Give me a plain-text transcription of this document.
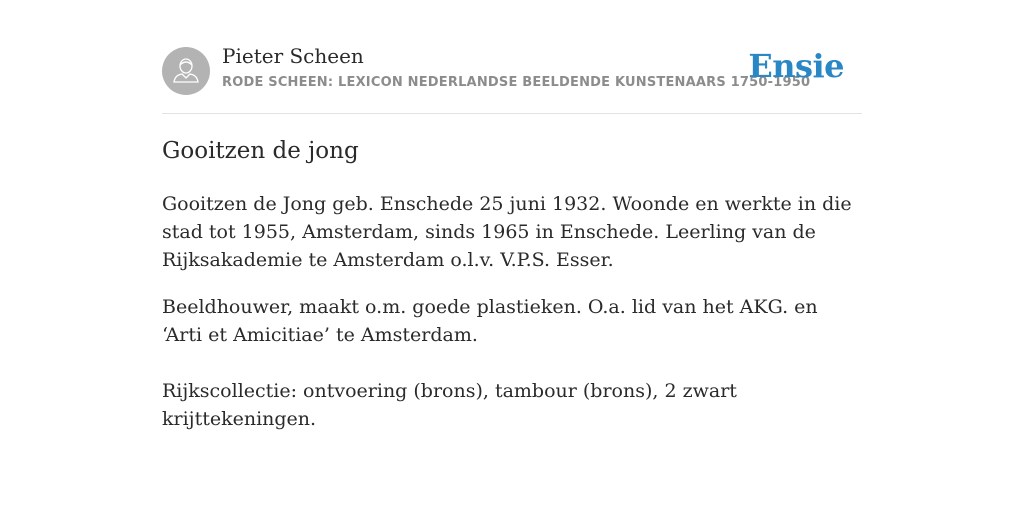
Pieter Scheen
RODE SCHEEN: LEXICON NEDERLANDSE BEELDENDE KUNSTENAARS 1750-1950
Ensie
Gooitzen de jong

Gooitzen de Jong geb. Enschede 25 juni 1932. Woonde en werkte in die stad tot 1955, Amsterdam, sinds 1965 in Enschede. Leerling van de Rijksakademie te Amsterdam o.l.v. V.P.S. Esser.

Beeldhouwer, maakt o.m. goede plastieken. O.a. lid van het AKG. en ‘Arti et Amicitiae’ te Amsterdam.

Rijkscollectie: ontvoering (brons), tambour (brons), 2 zwart krijttekeningen.
